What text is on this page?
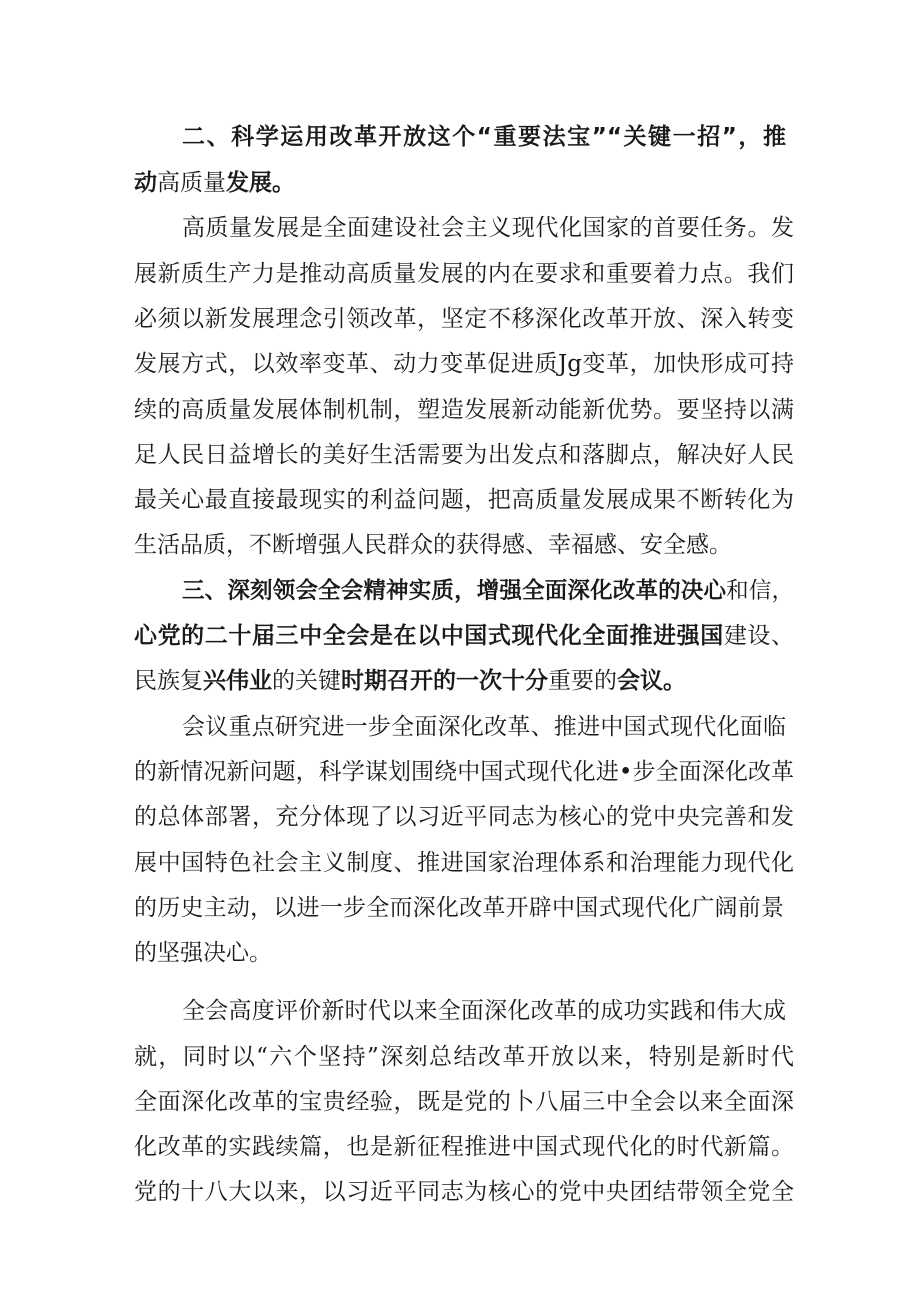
二、科学运用改革开放这个“重要法宝”“关键一招”，推
动高质量发展。
高质量发展是全面建设社会主义现代化国家的首要任务。发
展新质生产力是推动高质量发展的内在要求和重要着力点。我们
必须以新发展理念引领改革，坚定不移深化改革开放、深入转变
发展方式，以效率变革、动力变革促进质Jg变革，加快形成可持
续的高质量发展体制机制，塑造发展新动能新优势。要坚持以满
足人民日益增长的美好生活需要为出发点和落脚点，解决好人民
最关心最直接最现实的利益问题，把高质量发展成果不断转化为
生活品质，不断增强人民群众的获得感、幸福感、安全感。
三、深刻领会全会精神实质，增强全面深化改革的决心和信，
心党的二十届三中全会是在以中国式现代化全面推进强国建设、
民族复兴伟业的关键时期召开的一次十分重要的会议。
会议重点研究进一步全面深化改革、推进中国式现代化面临
的新情况新问题，科学谋划围绕中国式现代化进•步全面深化改革
的总体部署，充分体现了以习近平同志为核心的党中央完善和发
展中国特色社会主义制度、推进国家治理体系和治理能力现代化
的历史主动，以进一步全而深化改革开辟中国式现代化广阔前景
的坚强决心。
全会高度评价新时代以来全面深化改革的成功实践和伟大成
就，同时以“六个坚持”深刻总结改革开放以来，特别是新时代
全面深化改革的宝贵经验，既是党的卜八届三中全会以来全面深
化改革的实践续篇，也是新征程推进中国式现代化的时代新篇。
党的十八大以来，以习近平同志为核心的党中央团结带领全党全
